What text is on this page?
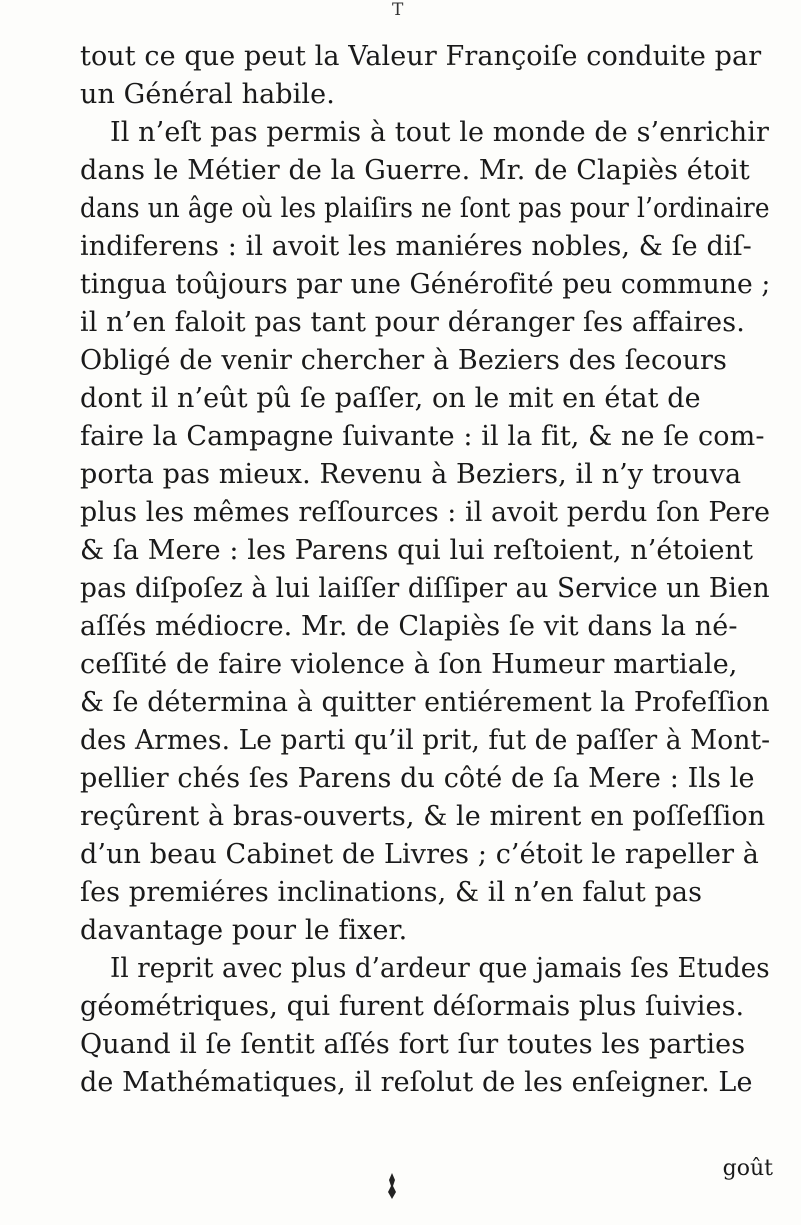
T
tout ce que peut la Valeur Françoiſe conduite par
un Général habile.
Il n’eſt pas permis à tout le monde de s’enrichir
dans le Métier de la Guerre. Mr. de Clapiès étoit
dans un âge où les plaiſirs ne ſont pas pour l’ordinaire
indiferens : il avoit les maniéres nobles, & ſe diſ-
tingua toûjours par une Générofité peu commune ;
il n’en faloit pas tant pour déranger ſes affaires.
Obligé de venir chercher à Beziers des ſecours
dont il n’eût pû ſe paſſer, on le mit en état de
faire la Campagne ſuivante : il la fit, & ne ſe com-
porta pas mieux. Revenu à Beziers, il n’y trouva
plus les mêmes reſſources : il avoit perdu ſon Pere
& ſa Mere : les Parens qui lui reſtoient, n’étoient
pas diſpoſez à lui laiſſer diſſiper au Service un Bien
aſſés médiocre. Mr. de Clapiès ſe vit dans la né-
ceſſité de faire violence à ſon Humeur martiale,
& ſe détermina à quitter entiérement la Profeſſion
des Armes. Le parti qu’il prit, fut de paſſer à Mont-
pellier chés ſes Parens du côté de ſa Mere : Ils le
reçûrent à bras-ouverts, & le mirent en poſſeſſion
d’un beau Cabinet de Livres ; c’étoit le rapeller à
ſes premiéres inclinations, & il n’en falut pas
davantage pour le fixer.
Il reprit avec plus d’ardeur que jamais ſes Etudes
géométriques, qui furent déſormais plus ſuivies.
Quand il ſe ſentit aſſés fort ſur toutes les parties
de Mathématiques, il reſolut de les enſeigner. Le
goût
